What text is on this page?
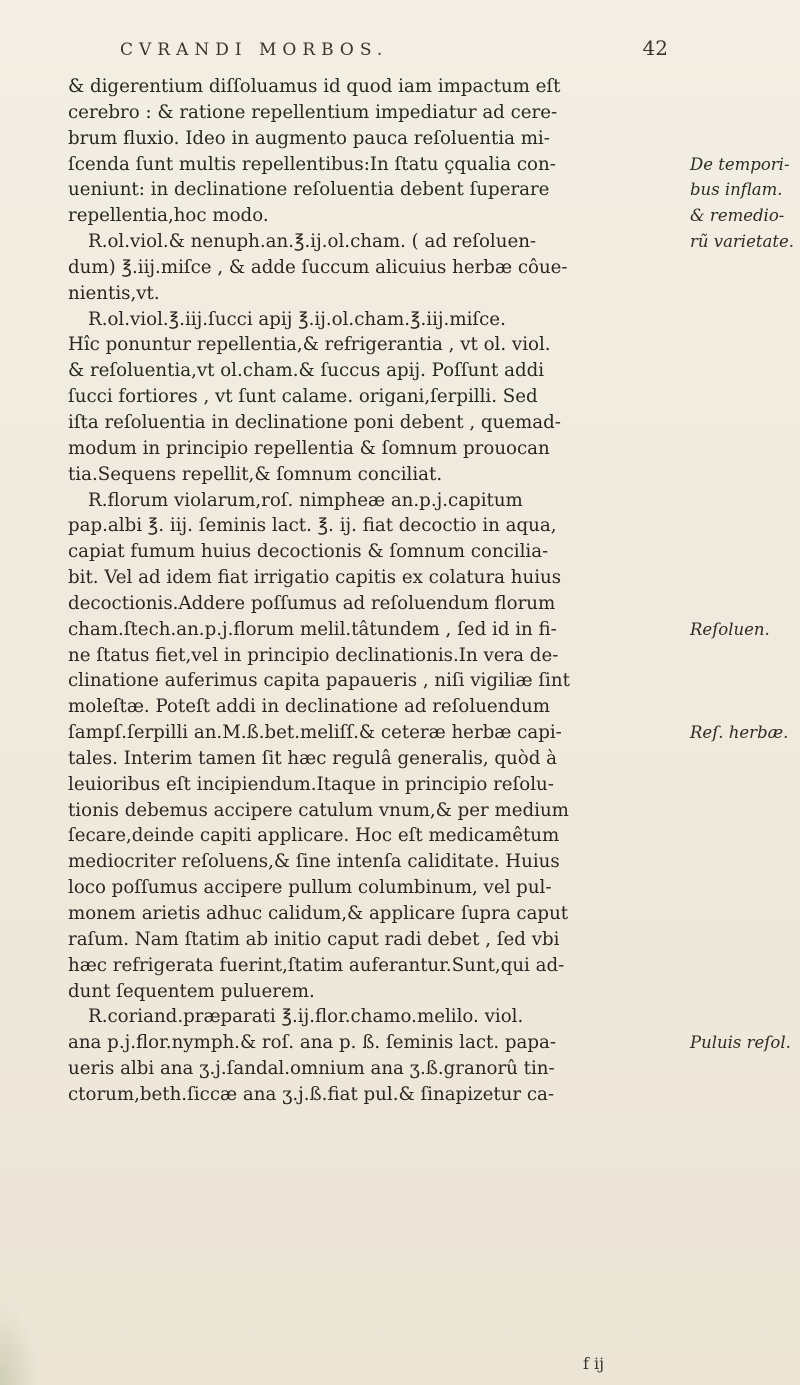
CVRANDI MORBOS.	42
& digerentium diſſoluamus id quod iam impactum eſt
cerebro : & ratione repellentium impediatur ad cere-
brum fluxio. Ideo in augmento pauca reſoluentia mi-
ſcenda ſunt multis repellentibus:In ſtatu çqualia con-
ueniunt: in declinatione reſoluentia debent ſuperare
repellentia,hoc modo.
R.ol.viol.& nenuph.an.℥.ij.ol.cham. ( ad reſoluen-
dum) ℥.iij.miſce , & adde ſuccum alicuius herbæ côue-
nientis,vt.
R.ol.viol.℥.iij.ſucci apij ℥.ij.ol.cham.℥.iij.miſce.
Hîc ponuntur repellentia,& refrigerantia , vt ol. viol.
& reſoluentia,vt ol.cham.& ſuccus apij. Poſſunt addi
ſucci fortiores , vt ſunt calame. origani,ſerpilli. Sed
iſta reſoluentia in declinatione poni debent , quemad-
modum in principio repellentia & ſomnum prouocan
tia.Sequens repellit,& ſomnum conciliat.
R.florum violarum,roſ. nimpheæ an.p.j.capitum
pap.albi ℥. iij. ſeminis lact. ℥. ij. fiat decoctio in aqua,
capiat fumum huius decoctionis & ſomnum concilia-
bit. Vel ad idem fiat irrigatio capitis ex colatura huius
decoctionis.Addere poſſumus ad reſoluendum florum
cham.ſtech.an.p.j.florum melil.tâtundem , ſed id in fi-
ne ſtatus fiet,vel in principio declinationis.In vera de-
clinatione auferimus capita papaueris , niſi vigiliæ ſint
moleſtæ. Poteſt addi in declinatione ad reſoluendum
ſampſ.ſerpilli an.M.ß.bet.meliſſ.& ceteræ herbæ capi-
tales. Interim tamen ſit hæc regulâ generalis, quòd à
leuioribus eſt incipiendum.Itaque in principio reſolu-
tionis debemus accipere catulum vnum,& per medium
ſecare,deinde capiti applicare. Hoc eſt medicamêtum
mediocriter reſoluens,& ſine intenſa caliditate. Huius
loco poſſumus accipere pullum columbinum, vel pul-
monem arietis adhuc calidum,& applicare ſupra caput
raſum. Nam ſtatim ab initio caput radi debet , ſed vbi
hæc refrigerata fuerint,ſtatim auferantur.Sunt,qui ad-
dunt ſequentem puluerem.
R.coriand.præparati ℥.ij.flor.chamo.melilo. viol.
ana p.j.flor.nymph.& roſ. ana p. ß. ſeminis lact. papa-
ueris albi ana ʒ.j.ſandal.omnium ana ʒ.ß.granorû tin-
ctorum,beth.ſiccæ ana ʒ.j.ß.fiat pul.& ſinapizetur ca-
De tempori-
bus inflam.
& remedio-
rũ varietate.
Reſoluen.
Reſ. herbæ.
Puluis reſol.
f ij
